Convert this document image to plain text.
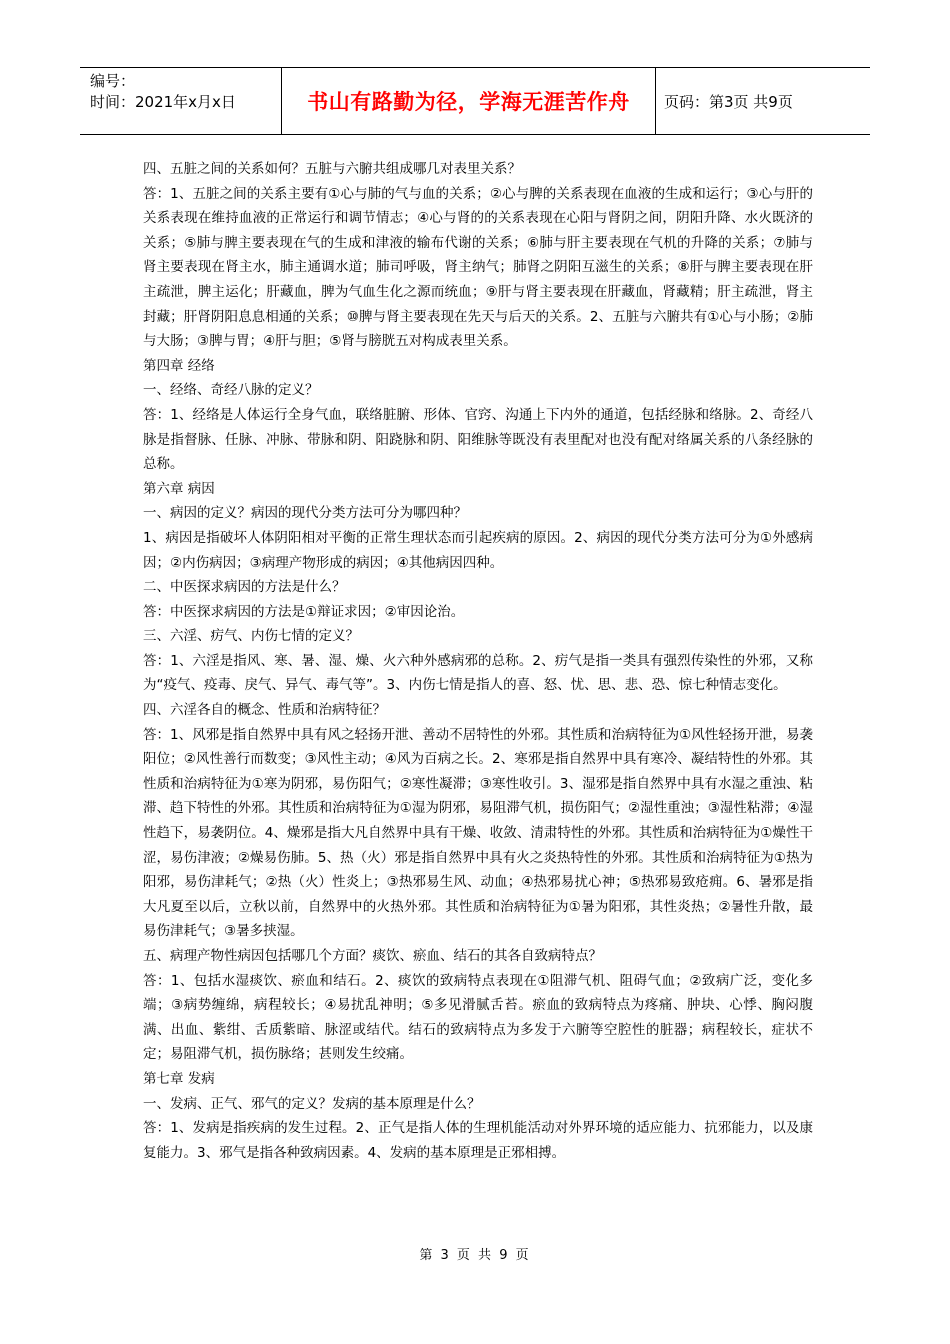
编号：
时间：2021年x月x日	书山有路勤为径，学海无涯苦作舟	页码：第3页 共9页

四、五脏之间的关系如何？五脏与六腑共组成哪几对表里关系？

答：1、五脏之间的关系主要有①心与肺的气与血的关系；②心与脾的关系表现在血液的生成和运行；③心与肝的关系表现在维持血液的正常运行和调节情志；④心与肾的的关系表现在心阳与肾阴之间，阴阳升降、水火既济的关系；⑤肺与脾主要表现在气的生成和津液的输布代谢的关系；⑥肺与肝主要表现在气机的升降的关系；⑦肺与肾主要表现在肾主水，肺主通调水道；肺司呼吸，肾主纳气；肺肾之阴阳互滋生的关系；⑧肝与脾主要表现在肝主疏泄，脾主运化；肝藏血，脾为气血生化之源而统血；⑨肝与肾主要表现在肝藏血，肾藏精；肝主疏泄，肾主封藏；肝肾阴阳息息相通的关系；⑩脾与肾主要表现在先天与后天的关系。2、五脏与六腑共有①心与小肠；②肺与大肠；③脾与胃；④肝与胆；⑤肾与膀胱五对构成表里关系。

第四章 经络

一、经络、奇经八脉的定义？

答：1、经络是人体运行全身气血，联络脏腑、形体、官窍、沟通上下内外的通道，包括经脉和络脉。2、奇经八脉是指督脉、任脉、冲脉、带脉和阴、阳跷脉和阴、阳维脉等既没有表里配对也没有配对络属关系的八条经脉的总称。

第六章 病因

一、病因的定义？病因的现代分类方法可分为哪四种？

1、病因是指破坏人体阴阳相对平衡的正常生理状态而引起疾病的原因。2、病因的现代分类方法可分为①外感病因；②内伤病因；③病理产物形成的病因；④其他病因四种。

二、中医探求病因的方法是什么？

答：中医探求病因的方法是①辩证求因；②审因论治。

三、六淫、疠气、内伤七情的定义？

答：1、六淫是指风、寒、暑、湿、燥、火六种外感病邪的总称。2、疠气是指一类具有强烈传染性的外邪，又称为“疫气、疫毒、戾气、异气、毒气等”。3、内伤七情是指人的喜、怒、忧、思、悲、恐、惊七种情志变化。

四、六淫各自的概念、性质和治病特征？

答：1、风邪是指自然界中具有风之轻扬开泄、善动不居特性的外邪。其性质和治病特征为①风性轻扬开泄，易袭阳位；②风性善行而数变；③风性主动；④风为百病之长。2、寒邪是指自然界中具有寒冷、凝结特性的外邪。其性质和治病特征为①寒为阴邪，易伤阳气；②寒性凝滞；③寒性收引。3、湿邪是指自然界中具有水湿之重浊、粘滞、趋下特性的外邪。其性质和治病特征为①湿为阴邪，易阻滞气机，损伤阳气；②湿性重浊；③湿性粘滞；④湿性趋下，易袭阴位。4、燥邪是指大凡自然界中具有干燥、收敛、清肃特性的外邪。其性质和治病特征为①燥性干涩，易伤津液；②燥易伤肺。5、热（火）邪是指自然界中具有火之炎热特性的外邪。其性质和治病特征为①热为阳邪，易伤津耗气；②热（火）性炎上；③热邪易生风、动血；④热邪易扰心神；⑤热邪易致疮痈。6、暑邪是指大凡夏至以后，立秋以前，自然界中的火热外邪。其性质和治病特征为①暑为阳邪，其性炎热；②暑性升散，最易伤津耗气；③暑多挟湿。

五、病理产物性病因包括哪几个方面？痰饮、瘀血、结石的其各自致病特点？

答：1、包括水湿痰饮、瘀血和结石。2、痰饮的致病特点表现在①阻滞气机、阻碍气血；②致病广泛，变化多端；③病势缠绵，病程较长；④易扰乱神明；⑤多见滑腻舌苔。瘀血的致病特点为疼痛、肿块、心悸、胸闷腹满、出血、紫绀、舌质紫暗、脉涩或结代。结石的致病特点为多发于六腑等空腔性的脏器；病程较长，症状不定；易阻滞气机，损伤脉络；甚则发生绞痛。

第七章 发病

一、发病、正气、邪气的定义？发病的基本原理是什么？

答：1、发病是指疾病的发生过程。2、正气是指人体的生理机能活动对外界环境的适应能力、抗邪能力，以及康复能力。3、邪气是指各种致病因素。4、发病的基本原理是正邪相搏。

第 3 页 共 9 页
